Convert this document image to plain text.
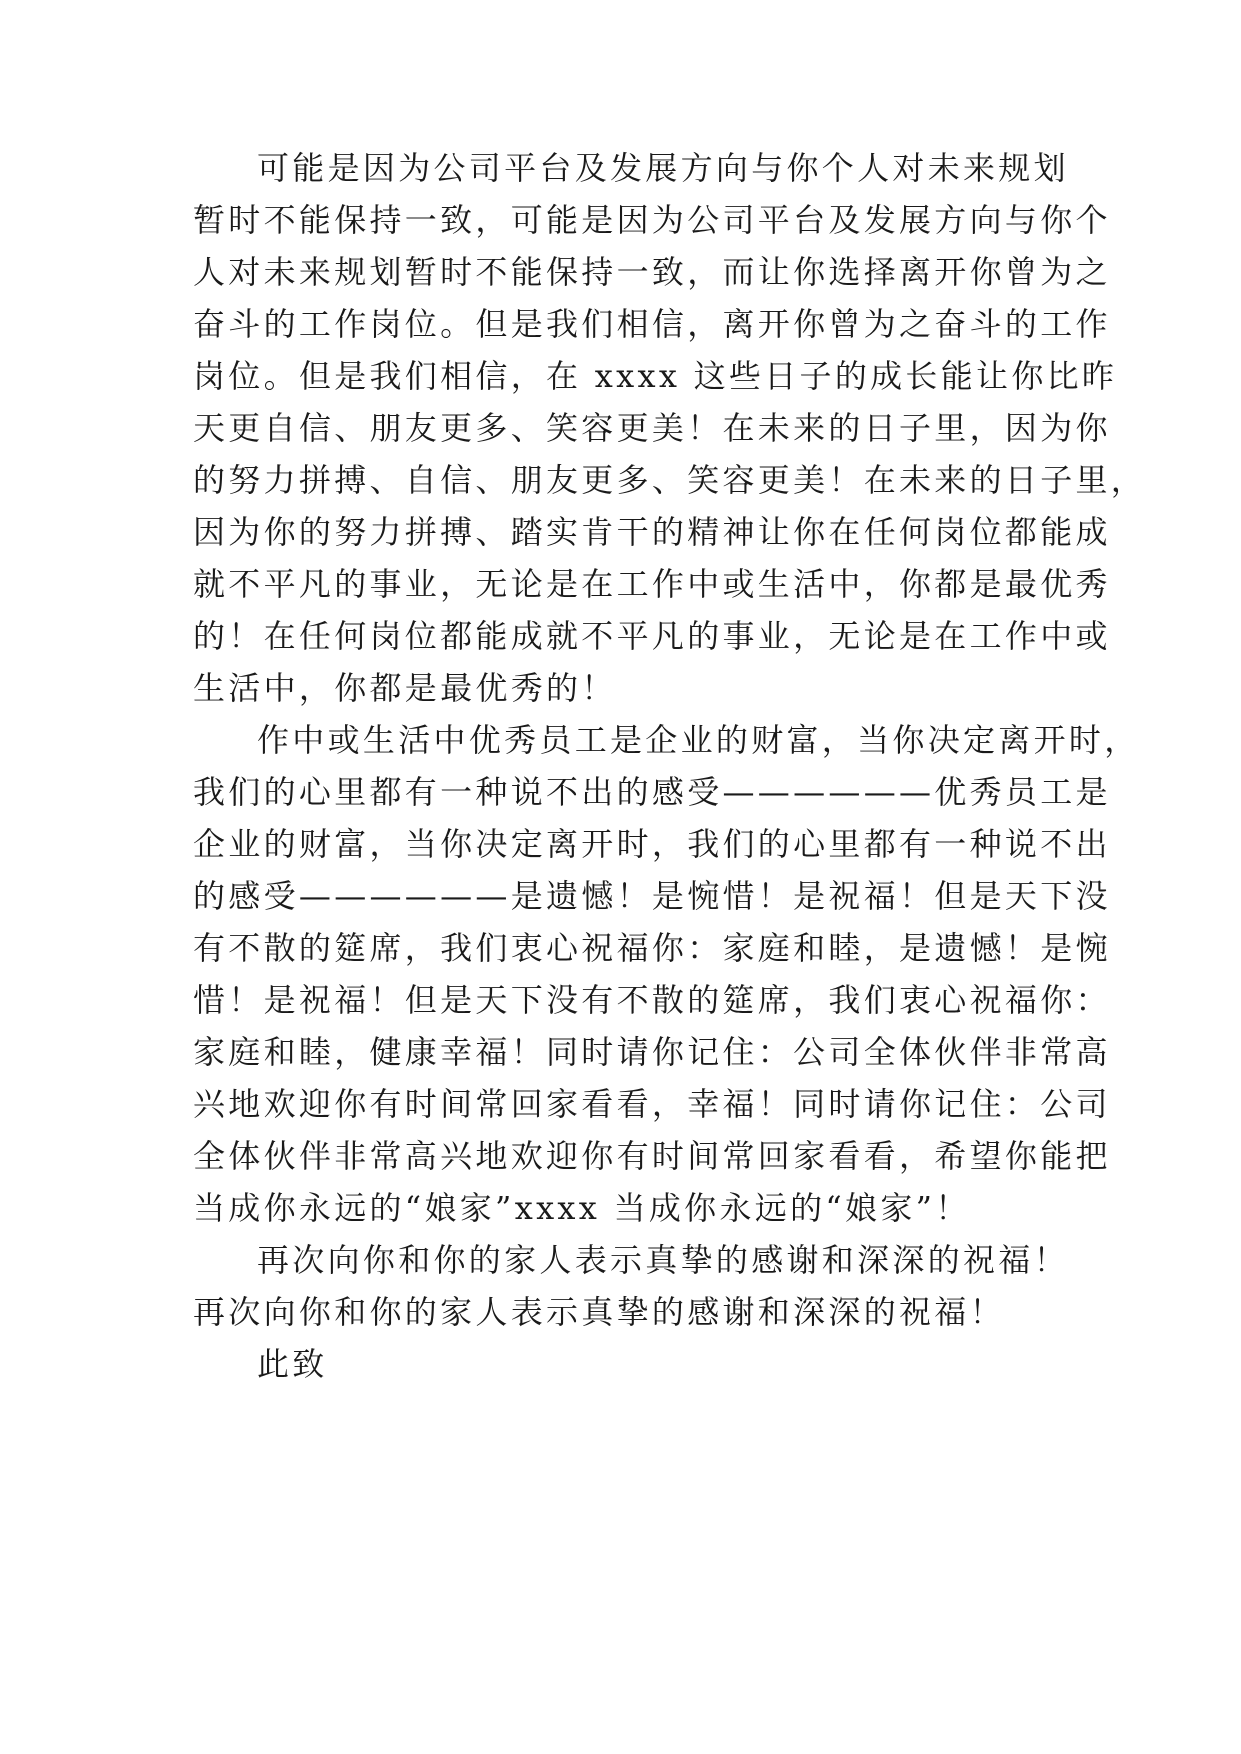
可能是因为公司平台及发展方向与你个人对未来规划
暂时不能保持一致，可能是因为公司平台及发展方向与你个
人对未来规划暂时不能保持一致，而让你选择离开你曾为之
奋斗的工作岗位。但是我们相信，离开你曾为之奋斗的工作
岗位。但是我们相信，在 xxxx 这些日子的成长能让你比昨
天更自信、朋友更多、笑容更美！在未来的日子里，因为你
的努力拼搏、自信、朋友更多、笑容更美！在未来的日子里，
因为你的努力拼搏、踏实肯干的精神让你在任何岗位都能成
就不平凡的事业，无论是在工作中或生活中，你都是最优秀
的！在任何岗位都能成就不平凡的事业，无论是在工作中或
生活中，你都是最优秀的！
作中或生活中优秀员工是企业的财富，当你决定离开时，
我们的心里都有一种说不出的感受——————优秀员工是
企业的财富，当你决定离开时，我们的心里都有一种说不出
的感受——————是遗憾！是惋惜！是祝福！但是天下没
有不散的筵席，我们衷心祝福你：家庭和睦，是遗憾！是惋
惜！是祝福！但是天下没有不散的筵席，我们衷心祝福你：
家庭和睦，健康幸福！同时请你记住：公司全体伙伴非常高
兴地欢迎你有时间常回家看看，幸福！同时请你记住：公司
全体伙伴非常高兴地欢迎你有时间常回家看看，希望你能把
当成你永远的“娘家”xxxx 当成你永远的“娘家”！
再次向你和你的家人表示真挚的感谢和深深的祝福！
再次向你和你的家人表示真挚的感谢和深深的祝福！
此致
